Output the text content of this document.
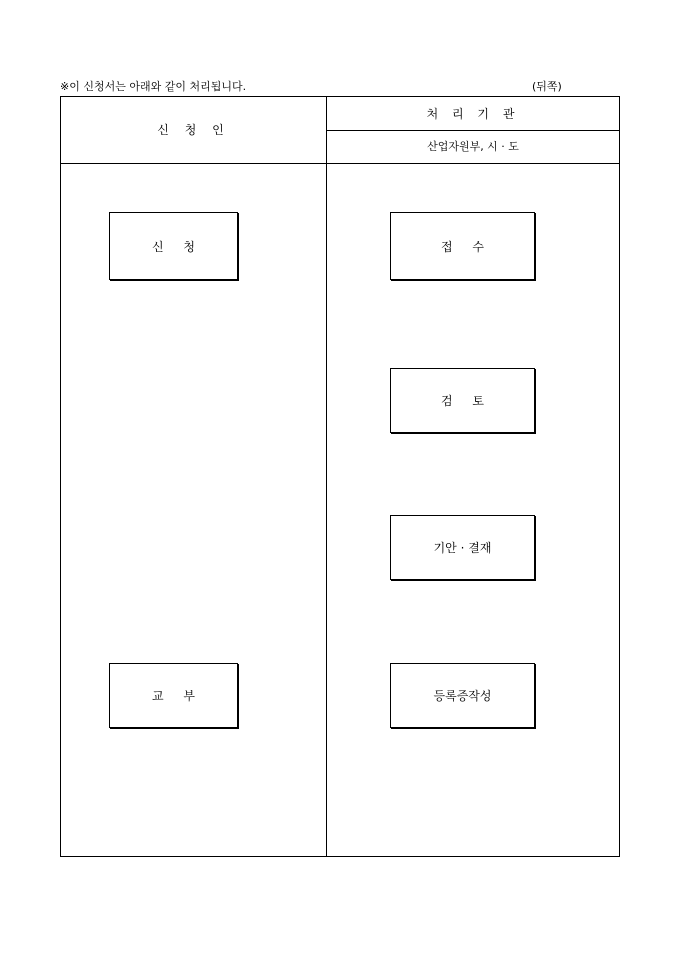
※이 신청서는 아래와 같이 처리됩니다.	(뒤쪽)
신 청 인
처 리 기 관
산업자원부, 시 · 도
신 청
교 부
접 수
검 토
기안 · 결재
등록증작성
